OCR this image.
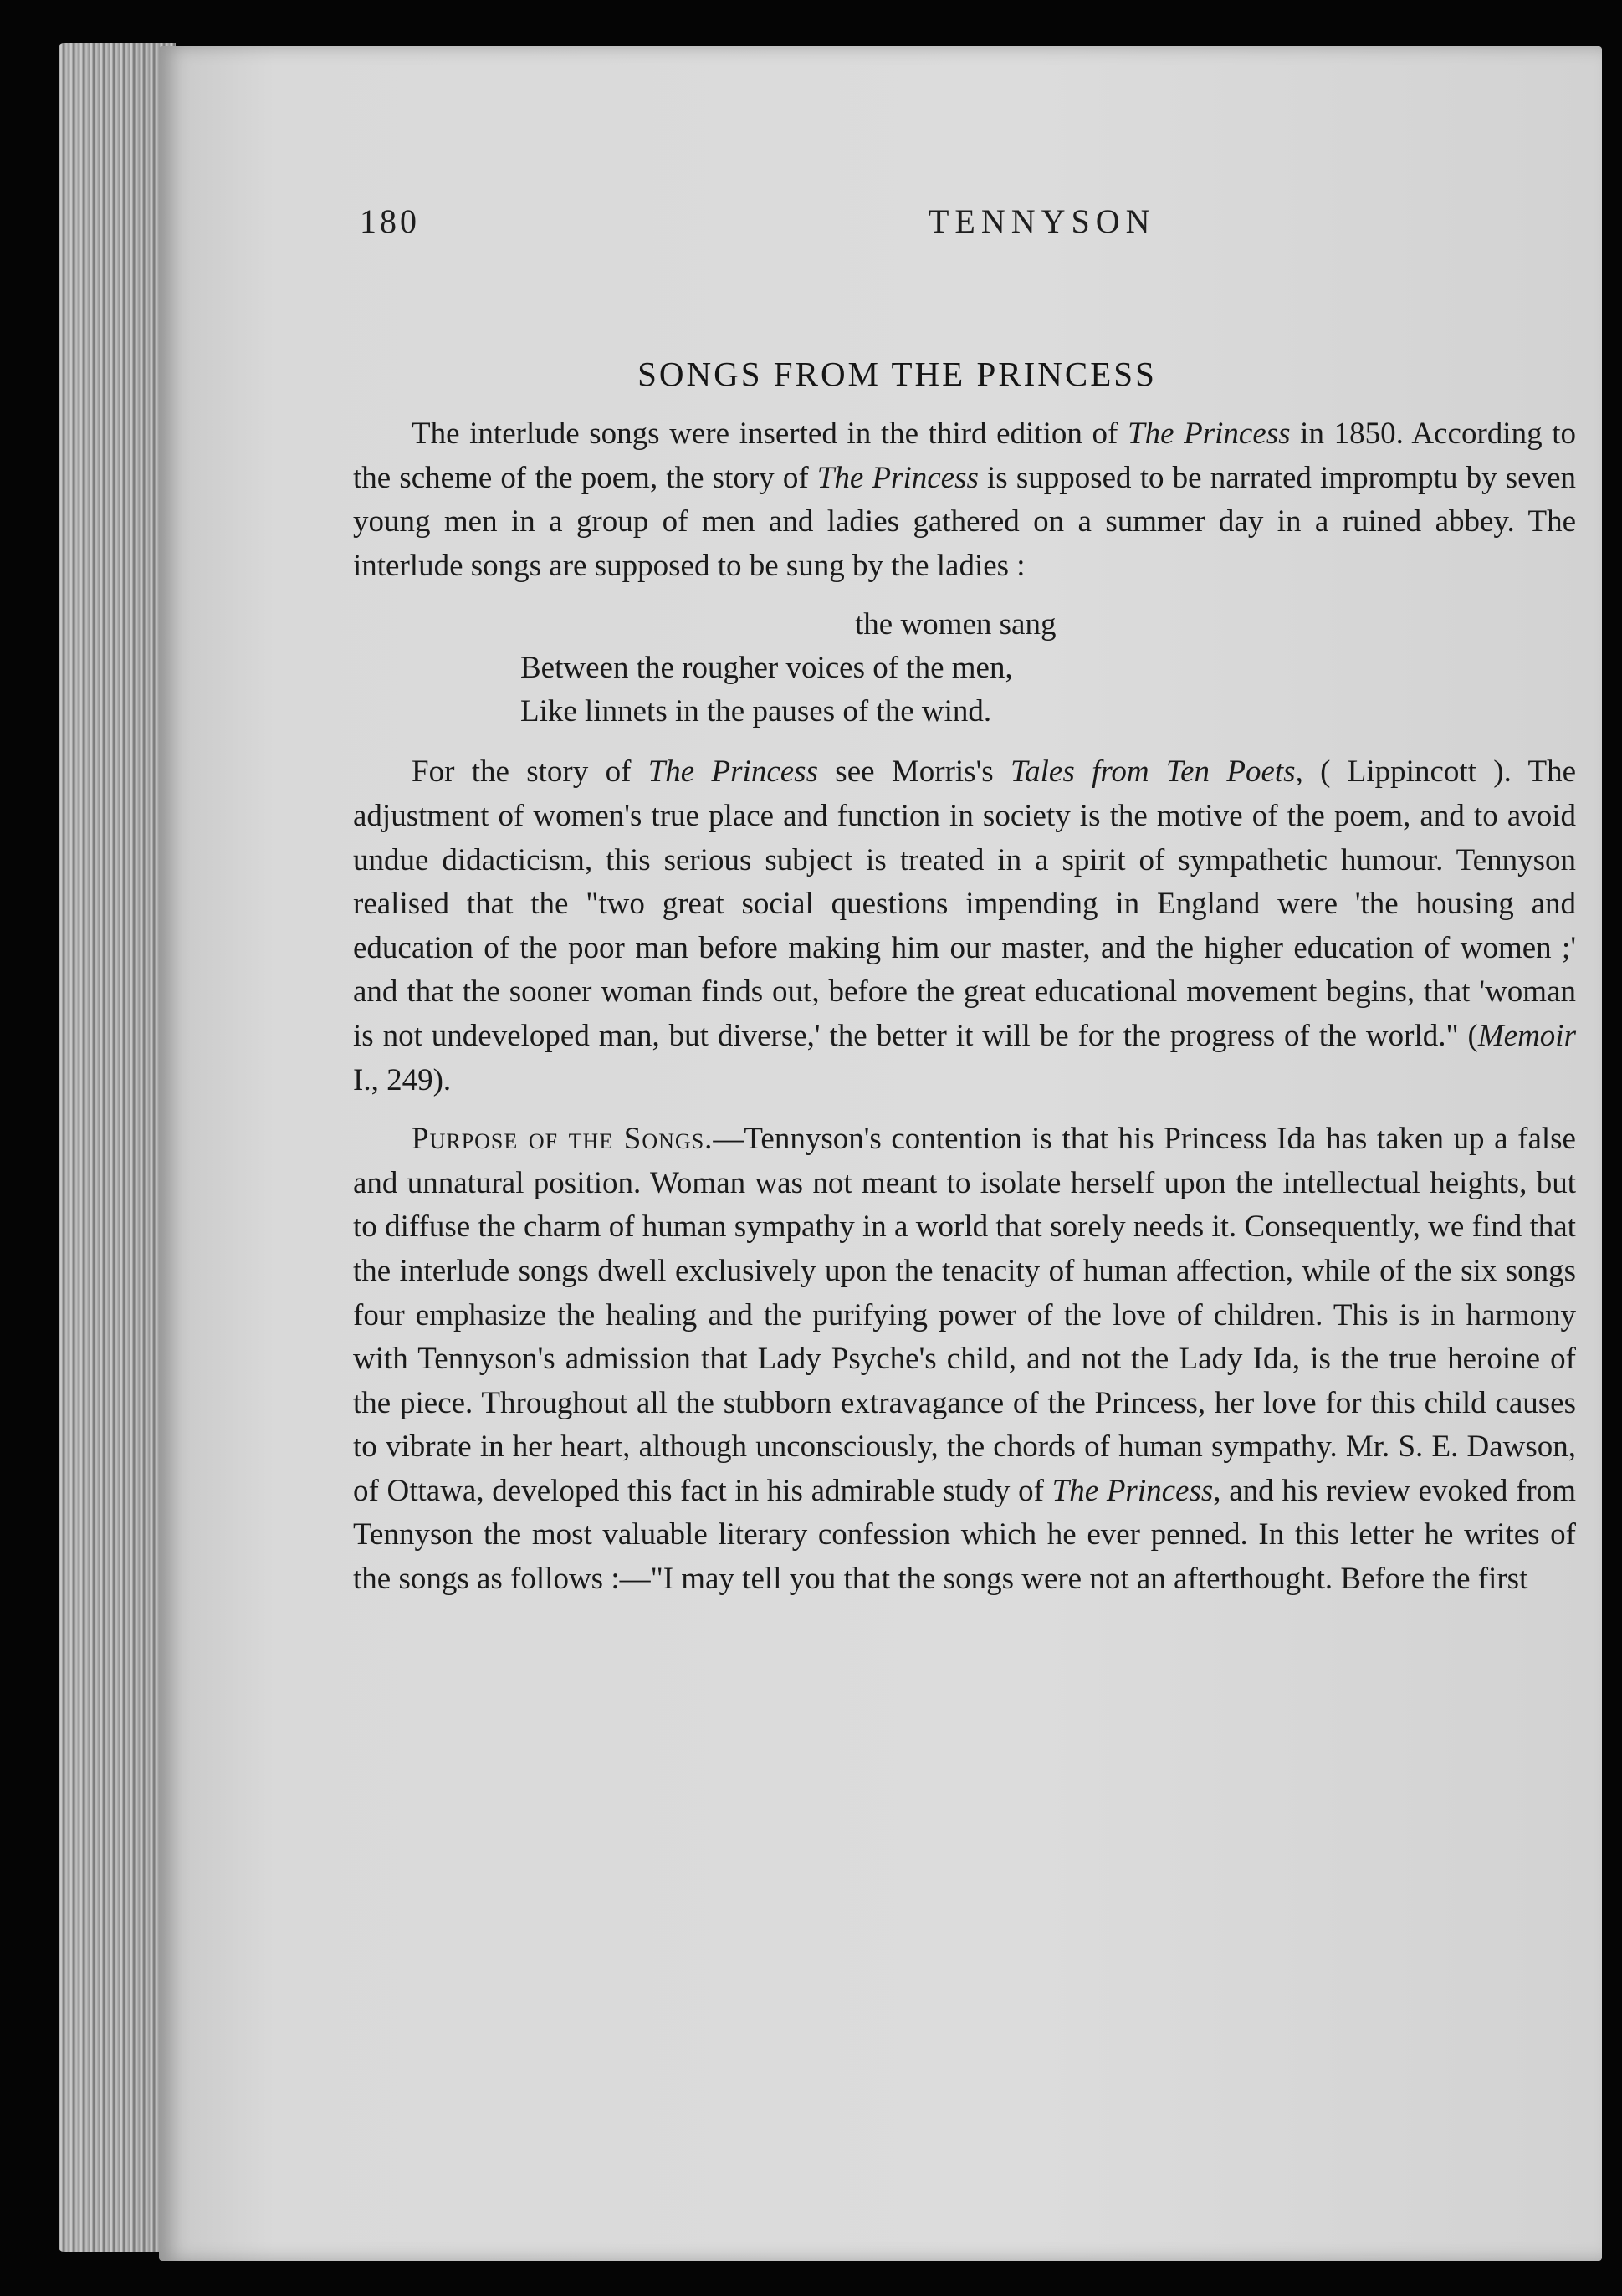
180	TENNYSON
SONGS FROM THE PRINCESS

The interlude songs were inserted in the third edition of The Princess in 1850. According to the scheme of the poem, the story of The Princess is supposed to be narrated impromptu by seven young men in a group of men and ladies gathered on a summer day in a ruined abbey. The interlude songs are supposed to be sung by the ladies :

the women sang
Between the rougher voices of the men,
Like linnets in the pauses of the wind.

For the story of The Princess see Morris's Tales from Ten Poets, ( Lippincott ). The adjustment of women's true place and function in society is the motive of the poem, and to avoid undue didacticism, this serious subject is treated in a spirit of sympathetic humour. Tennyson realised that the "two great social questions impending in England were 'the housing and education of the poor man before making him our master, and the higher education of women ;' and that the sooner woman finds out, before the great educational movement begins, that 'woman is not undeveloped man, but diverse,' the better it will be for the progress of the world." (Memoir I., 249).

Purpose of the Songs.—Tennyson's contention is that his Princess Ida has taken up a false and unnatural position. Woman was not meant to isolate herself upon the intellectual heights, but to diffuse the charm of human sympathy in a world that sorely needs it. Consequently, we find that the interlude songs dwell exclusively upon the tenacity of human affection, while of the six songs four emphasize the healing and the purifying power of the love of children. This is in harmony with Tennyson's admission that Lady Psyche's child, and not the Lady Ida, is the true heroine of the piece. Throughout all the stubborn extravagance of the Princess, her love for this child causes to vibrate in her heart, although unconsciously, the chords of human sympathy. Mr. S. E. Dawson, of Ottawa, developed this fact in his admirable study of The Princess, and his review evoked from Tennyson the most valuable literary confession which he ever penned. In this letter he writes of the songs as follows :—"I may tell you that the songs were not an afterthought. Before the first
